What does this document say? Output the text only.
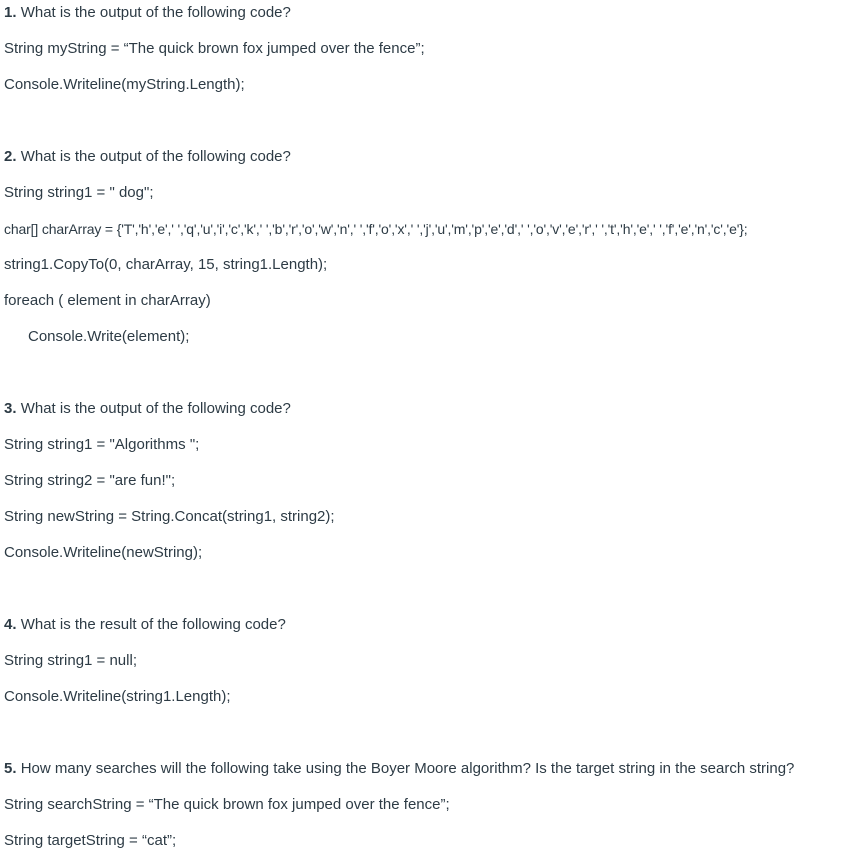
1. What is the output of the following code?
String myString = “The quick brown fox jumped over the fence”;
Console.Writeline(myString.Length);
2. What is the output of the following code?
String string1 = " dog";
char[] charArray = {'T','h','e',' ','q','u','i','c','k',' ','b','r','o','w','n',' ','f','o','x',' ','j','u','m','p','e','d',' ','o','v','e','r',' ','t','h','e',' ','f','e','n','c','e'};
string1.CopyTo(0, charArray, 15, string1.Length);
foreach ( element in charArray)
Console.Write(element);
3. What is the output of the following code?
String string1 = "Algorithms ";
String string2 = "are fun!";
String newString = String.Concat(string1, string2);
Console.Writeline(newString);
4. What is the result of the following code?
String string1 = null;
Console.Writeline(string1.Length);
5. How many searches will the following take using the Boyer Moore algorithm? Is the target string in the search string?
String searchString = “The quick brown fox jumped over the fence”;
String targetString = “cat”;
